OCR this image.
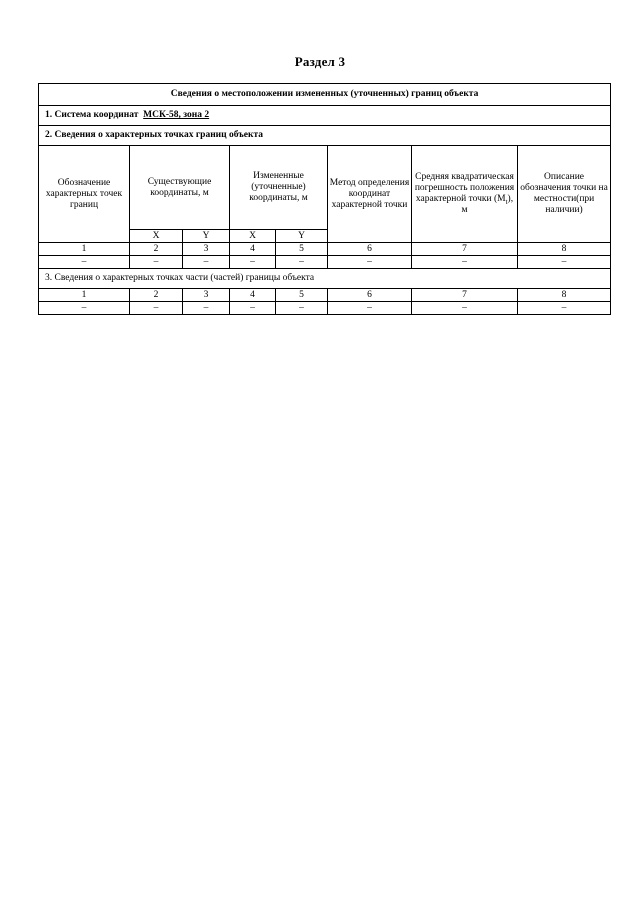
Раздел 3
Сведения о местоположении измененных (уточненных) границ объекта							
1. Система координат МСК-58, зона 2							
2. Сведения о характерных точках границ объекта							
Обозначение характерных точек границ	Существующие координаты, м		Измененные (уточненные) координаты, м		Метод определения координат характерной точки	Средняя квадратическая погрешность положения характерной точки $(М_t)$, м	Описание обозначения точки на местности(при наличии)
	X	Y	X	Y			
1	2	3	4	5	6	7	8
–	–	–	–	–	–	–	–
3. Сведения о характерных точках части (частей) границы объекта							
1	2	3	4	5	6	7	8
–	–	–	–	–	–	–	–
